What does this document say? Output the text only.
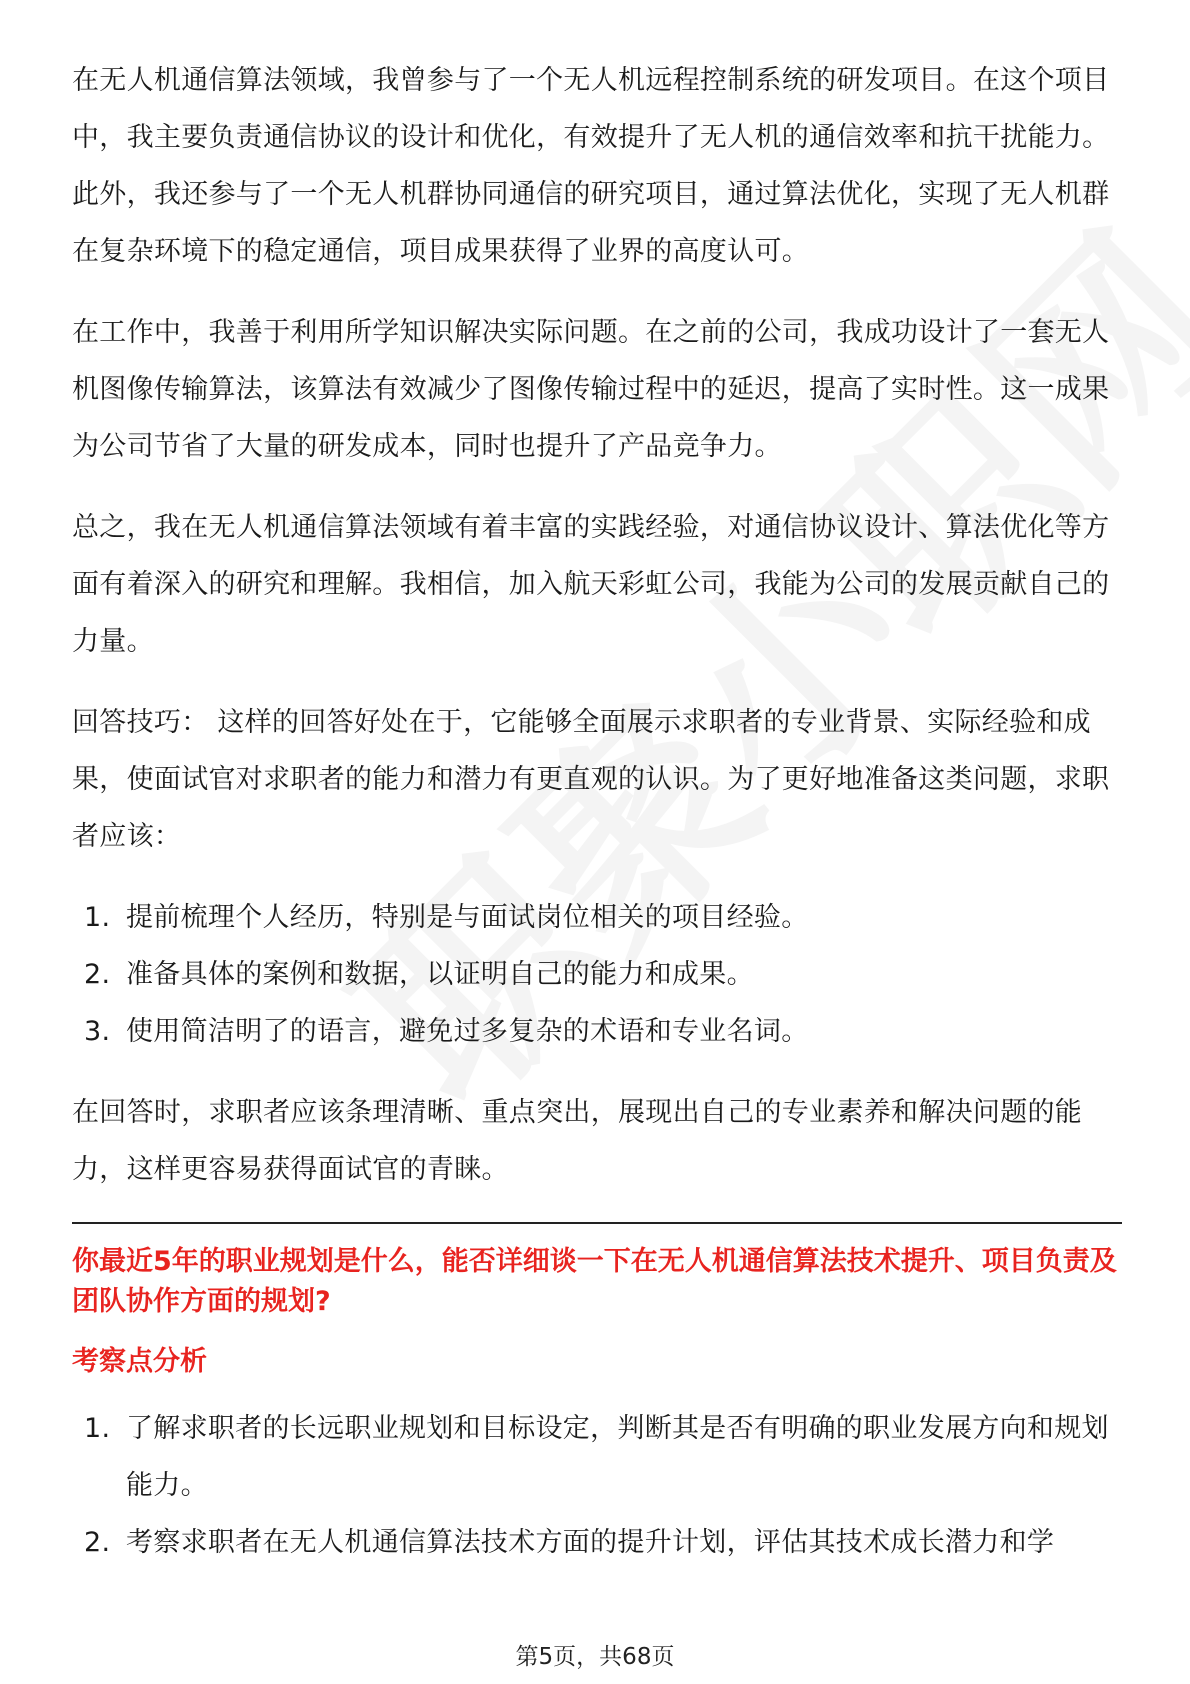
在无人机通信算法领域，我曾参与了一个无人机远程控制系统的研发项目。在这个项目中，我主要负责通信协议的设计和优化，有效提升了无人机的通信效率和抗干扰能力。此外，我还参与了一个无人机群协同通信的研究项目，通过算法优化，实现了无人机群在复杂环境下的稳定通信，项目成果获得了业界的高度认可。

在工作中，我善于利用所学知识解决实际问题。在之前的公司，我成功设计了一套无人机图像传输算法，该算法有效减少了图像传输过程中的延迟，提高了实时性。这一成果为公司节省了大量的研发成本，同时也提升了产品竞争力。

总之，我在无人机通信算法领域有着丰富的实践经验，对通信协议设计、算法优化等方面有着深入的研究和理解。我相信，加入航天彩虹公司，我能为公司的发展贡献自己的力量。

回答技巧： 这样的回答好处在于，它能够全面展示求职者的专业背景、实际经验和成果，使面试官对求职者的能力和潜力有更直观的认识。为了更好地准备这类问题，求职者应该：

1. 提前梳理个人经历，特别是与面试岗位相关的项目经验。
2. 准备具体的案例和数据，以证明自己的能力和成果。
3. 使用简洁明了的语言，避免过多复杂的术语和专业名词。

在回答时，求职者应该条理清晰、重点突出，展现出自己的专业素养和解决问题的能力，这样更容易获得面试官的青睐。

你最近5年的职业规划是什么，能否详细谈一下在无人机通信算法技术提升、项目负责及团队协作方面的规划?

考察点分析

1. 了解求职者的长远职业规划和目标设定，判断其是否有明确的职业发展方向和规划能力。
2. 考察求职者在无人机通信算法技术方面的提升计划，评估其技术成长潜力和学
第5页，共68页
